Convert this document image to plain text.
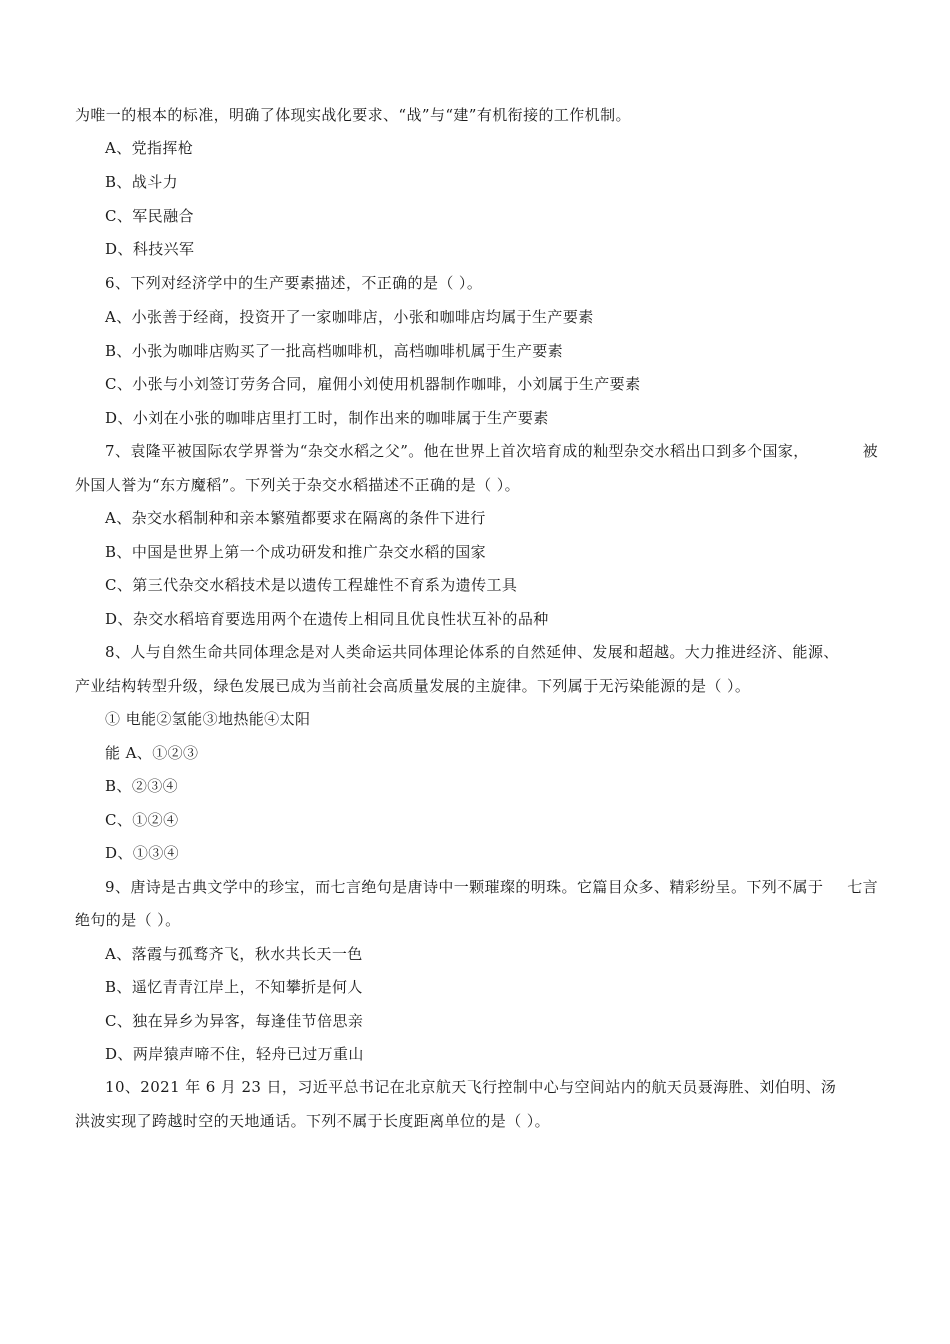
为唯一的根本的标准，明确了体现实战化要求、“战”与“建”有机衔接的工作机制。
A、党指挥枪
B、战斗力
C、军民融合
D、科技兴军
6、下列对经济学中的生产要素描述，不正确的是（ ）。
A、小张善于经商，投资开了一家咖啡店，小张和咖啡店均属于生产要素
B、小张为咖啡店购买了一批高档咖啡机，高档咖啡机属于生产要素
C、小张与小刘签订劳务合同，雇佣小刘使用机器制作咖啡，小刘属于生产要素
D、小刘在小张的咖啡店里打工时，制作出来的咖啡属于生产要素
7、袁隆平被国际农学界誉为“杂交水稻之父”。他在世界上首次培育成的籼型杂交水稻出口到多个国家，	被
外国人誉为“东方魔稻”。下列关于杂交水稻描述不正确的是（ ）。
A、杂交水稻制种和亲本繁殖都要求在隔离的条件下进行
B、中国是世界上第一个成功研发和推广杂交水稻的国家
C、第三代杂交水稻技术是以遗传工程雄性不育系为遗传工具
D、杂交水稻培育要选用两个在遗传上相同且优良性状互补的品种
8、人与自然生命共同体理念是对人类命运共同体理论体系的自然延伸、发展和超越。大力推进经济、能源、
产业结构转型升级，绿色发展已成为当前社会高质量发展的主旋律。下列属于无污染能源的是（ ）。
① 电能②氢能③地热能④太阳
能 A、①②③
B、②③④
C、①②④
D、①③④
9、唐诗是古典文学中的珍宝，而七言绝句是唐诗中一颗璀璨的明珠。它篇目众多、精彩纷呈。下列不属于 七言
绝句的是（ ）。
A、落霞与孤骛齐飞，秋水共长天一色
B、遥忆青青江岸上，不知攀折是何人
C、独在异乡为异客，每逢佳节倍思亲
D、两岸猿声啼不住，轻舟已过万重山
10、2021 年 6 月 23 日，习近平总书记在北京航天飞行控制中心与空间站内的航天员聂海胜、刘伯明、汤
洪波实现了跨越时空的天地通话。下列不属于长度距离单位的是（ ）。
